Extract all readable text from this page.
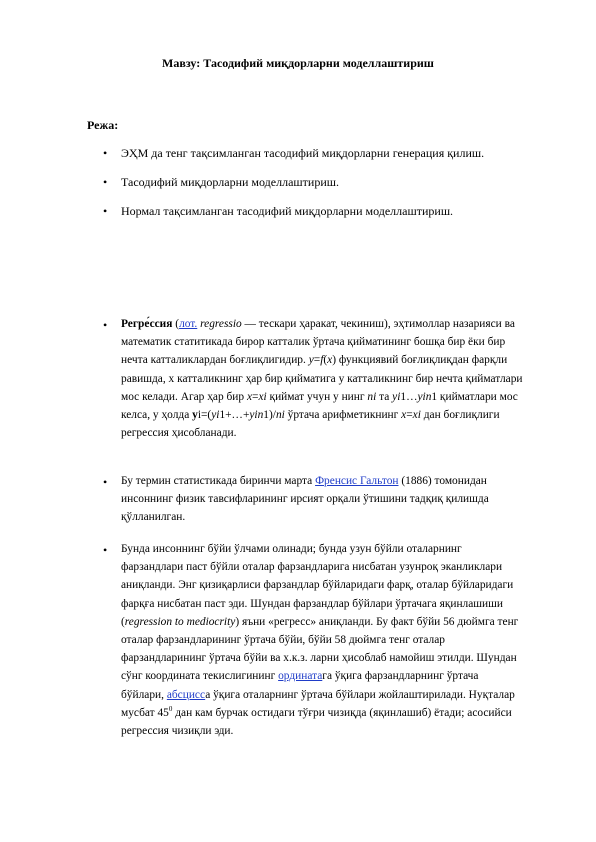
Мавзу: Тасодифий миқдорларни моделлаштириш
Режа:
• ЭҲМ да тенг тақсимланган тасодифий миқдорларни генерация қилиш.
• Тасодифий миқдорларни моделлаштириш.
• Нормал тақсимланган тасодифий миқдорларни моделлаштириш.
• Регре́ссия (лот. regressio — тескари ҳаракат, чекиниш), эҳтимоллар назарияси ва математик статитикада бирор катталик ўртача қийматининг бошқа бир ёки бир нечта катталиклардан боғлиқлигидир. y=f(x) функциявий боғлиқлиқдан фарқли равишда, x катталикнинг ҳар бир қийматига у катталикнинг бир нечта қийматлари мос келади. Агар ҳар бир x=xi қиймат учун у нинг ni та yi1…yin1 қийматлари мос келса, у ҳолда yi=(yi1+…+yin1)/ni ўртача арифметикнинг x=xi дан боғлиқлиги регрессия ҳисобланади.
• Бу термин статистикада биринчи марта Френсис Гальтон (1886) томонидан инсоннинг физик тавсифларининг ирсият орқали ўтишини тадқиқ қилишда қўлланилган.
• Бунда инсоннинг бўйи ўлчами олинади; бунда узун бўйли оталарнинг фарзандлари паст бўйли оталар фарзандларига нисбатан узунроқ эканликлари аниқланди. Энг қизиқарлиси фарзандлар бўйларидаги фарқ, оталар бўйларидаги фарқға нисбатан паст эди. Шундан фарзандлар бўйлари ўртачага яқинлашиши (regression to mediocrity) яъни «регресс» аниқланди. Бу факт бўйи 56 дюймга тенг оталар фарзандларининг ўртача бўйи, бўйи 58 дюймга тенг оталар фарзандларининг ўртача бўйи ва х.к.з. ларни ҳисоблаб намойиш этилди. Шундан сўнг координата текислигининг ординатага ўқига фарзандларнинг ўртача бўйлари, абсцисса ўқига оталарнинг ўртача бўйлари жойлаштирилади. Нуқталар мусбат $45^0$ дан кам бурчак остидаги тўғри чизиқда (яқинлашиб) ётади; асосийси регрессия чизиқли эди.
